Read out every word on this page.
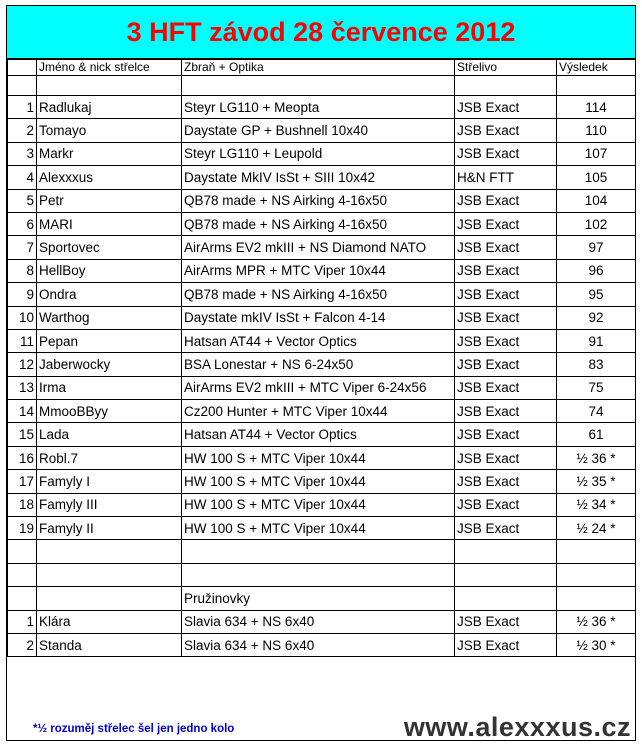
3 HFT závod 28 července 2012
	Jméno & nick střelce	Zbraň + Optika	Střelivo	Výsledek

1	Radlukaj	Steyr LG110 + Meopta	JSB Exact	114
2	Tomayo	Daystate GP + Bushnell 10x40	JSB Exact	110
3	Markr	Steyr LG110 + Leupold	JSB Exact	107
4	Alexxxus	Daystate MkIV IsSt + SIII 10x42	H&N FTT	105
5	Petr	QB78 made + NS Airking 4-16x50	JSB Exact	104
6	MARI	QB78 made + NS Airking 4-16x50	JSB Exact	102
7	Sportovec	AirArms EV2 mkIII + NS Diamond NATO	JSB Exact	97
8	HellBoy	AirArms MPR + MTC Viper 10x44	JSB Exact	96
9	Ondra	QB78 made + NS Airking 4-16x50	JSB Exact	95
10	Warthog	Daystate mkIV IsSt + Falcon 4-14	JSB Exact	92
11	Pepan	Hatsan AT44 + Vector Optics	JSB Exact	91
12	Jaberwocky	BSA Lonestar + NS 6-24x50	JSB Exact	83
13	Irma	AirArms EV2 mkIII + MTC Viper 6-24x56	JSB Exact	75
14	MmooBByy	Cz200 Hunter + MTC Viper 10x44	JSB Exact	74
15	Lada	Hatsan AT44 + Vector Optics	JSB Exact	61
16	Robl.7	HW 100 S + MTC Viper 10x44	JSB Exact	½ 36 *
17	Famyly I	HW 100 S + MTC Viper 10x44	JSB Exact	½ 35 *
18	Famyly III	HW 100 S + MTC Viper 10x44	JSB Exact	½ 34 *
19	Famyly II	HW 100 S + MTC Viper 10x44	JSB Exact	½ 24 *

		Pružinovky		
1	Klára	Slavia 634 + NS 6x40	JSB Exact	½ 36 *
2	Standa	Slavia 634 + NS 6x40	JSB Exact	½ 30 *
*½ rozuměj střelec šel jen jedno kolo	www.alexxxus.cz
